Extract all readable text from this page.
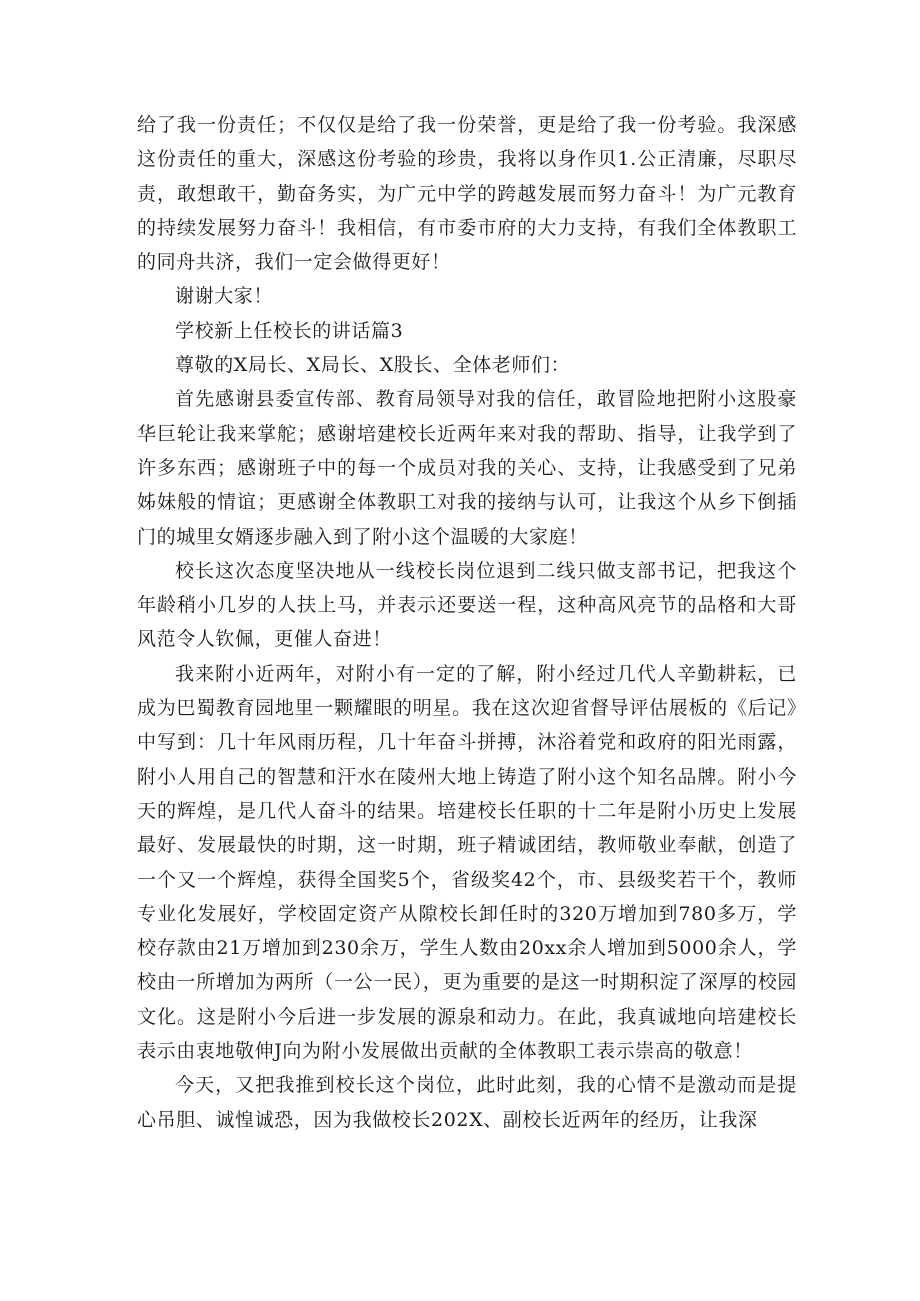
给了我一份责任；不仅仅是给了我一份荣誉，更是给了我一份考验。我深感这份责任的重大，深感这份考验的珍贵，我将以身作贝1.公正清廉，尽职尽责，敢想敢干，勤奋务实，为广元中学的跨越发展而努力奋斗！为广元教育的持续发展努力奋斗！我相信，有市委市府的大力支持，有我们全体教职工的同舟共济，我们一定会做得更好！

谢谢大家！

学校新上任校长的讲话篇3

尊敬的X局长、X局长、X股长、全体老师们：

首先感谢县委宣传部、教育局领导对我的信任，敢冒险地把附小这股豪华巨轮让我来掌舵；感谢培建校长近两年来对我的帮助、指导，让我学到了许多东西；感谢班子中的每一个成员对我的关心、支持，让我感受到了兄弟姊妹般的情谊；更感谢全体教职工对我的接纳与认可，让我这个从乡下倒插门的城里女婿逐步融入到了附小这个温暖的大家庭！

校长这次态度坚决地从一线校长岗位退到二线只做支部书记，把我这个年龄稍小几岁的人扶上马，并表示还要送一程，这种高风亮节的品格和大哥风范令人钦佩，更催人奋进！

我来附小近两年，对附小有一定的了解，附小经过几代人辛勤耕耘，已成为巴蜀教育园地里一颗耀眼的明星。我在这次迎省督导评估展板的《后记》中写到：几十年风雨历程，几十年奋斗拼搏，沐浴着党和政府的阳光雨露，附小人用自己的智慧和汗水在陵州大地上铸造了附小这个知名品牌。附小今天的辉煌，是几代人奋斗的结果。培建校长任职的十二年是附小历史上发展最好、发展最快的时期，这一时期，班子精诚团结，教师敬业奉献，创造了一个又一个辉煌，获得全国奖5个，省级奖42个，市、县级奖若干个，教师专业化发展好，学校固定资产从隙校长卸任时的320万增加到780多万，学校存款由21万增加到230余万，学生人数由20xx余人增加到5000余人，学校由一所增加为两所（一公一民），更为重要的是这一时期积淀了深厚的校园文化。这是附小今后进一步发展的源泉和动力。在此，我真诚地向培建校长表示由衷地敬伸J向为附小发展做出贡献的全体教职工表示崇高的敬意！

今天，又把我推到校长这个岗位，此时此刻，我的心情不是激动而是提心吊胆、诚惶诚恐，因为我做校长202X、副校长近两年的经历，让我深
